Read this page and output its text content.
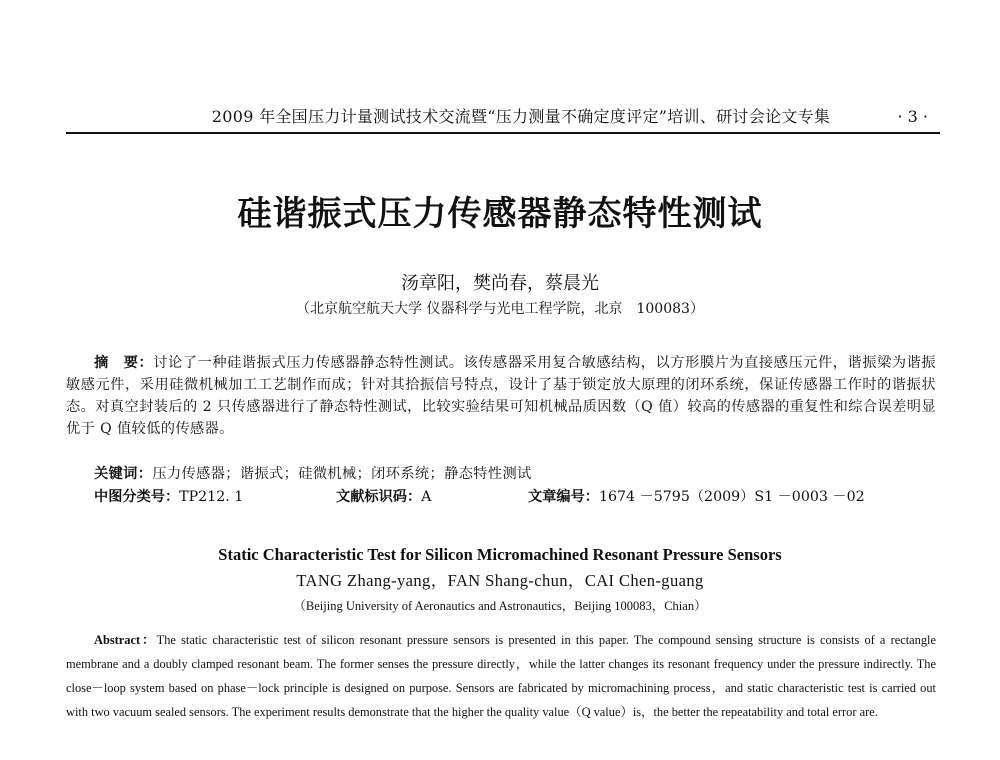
2009 年全国压力计量测试技术交流暨“压力测量不确定度评定”培训、研讨会论文专集	· 3 ·
硅谐振式压力传感器静态特性测试
汤章阳，樊尚春，蔡晨光
（北京航空航天大学 仪器科学与光电工程学院，北京　100083）
摘　要：讨论了一种硅谐振式压力传感器静态特性测试。该传感器采用复合敏感结构，以方形膜片为直接感压元件，谐振梁为谐振敏感元件，采用硅微机械加工工艺制作而成；针对其拾振信号特点，设计了基于锁定放大原理的闭环系统，保证传感器工作时的谐振状态。对真空封装后的 2 只传感器进行了静态特性测试，比较实验结果可知机械品质因数（Q 值）较高的传感器的重复性和综合误差明显优于 Q 值较低的传感器。
关键词：压力传感器；谐振式；硅微机械；闭环系统；静态特性测试
中图分类号：TP212. 1	文献标识码：A	文章编号：1674 －5795（2009）S1 －0003 －02
Static Characteristic Test for Silicon Micromachined Resonant Pressure Sensors
TANG Zhang-yang，FAN Shang-chun，CAI Chen-guang
（Beijing University of Aeronautics and Astronautics，Beijing 100083，Chian）
Abstract：The static characteristic test of silicon resonant pressure sensors is presented in this paper. The compound sensing structure is consists of a rectangle membrane and a doubly clamped resonant beam. The former senses the pressure directly，while the latter changes its resonant frequency under the pressure indirectly. The close－loop system based on phase－lock principle is designed on purpose. Sensors are fabricated by micromachining process，and static characteristic test is carried out with two vacuum sealed sensors. The experiment results demonstrate that the higher the quality value（Q value）is，the better the repeatability and total error are.
